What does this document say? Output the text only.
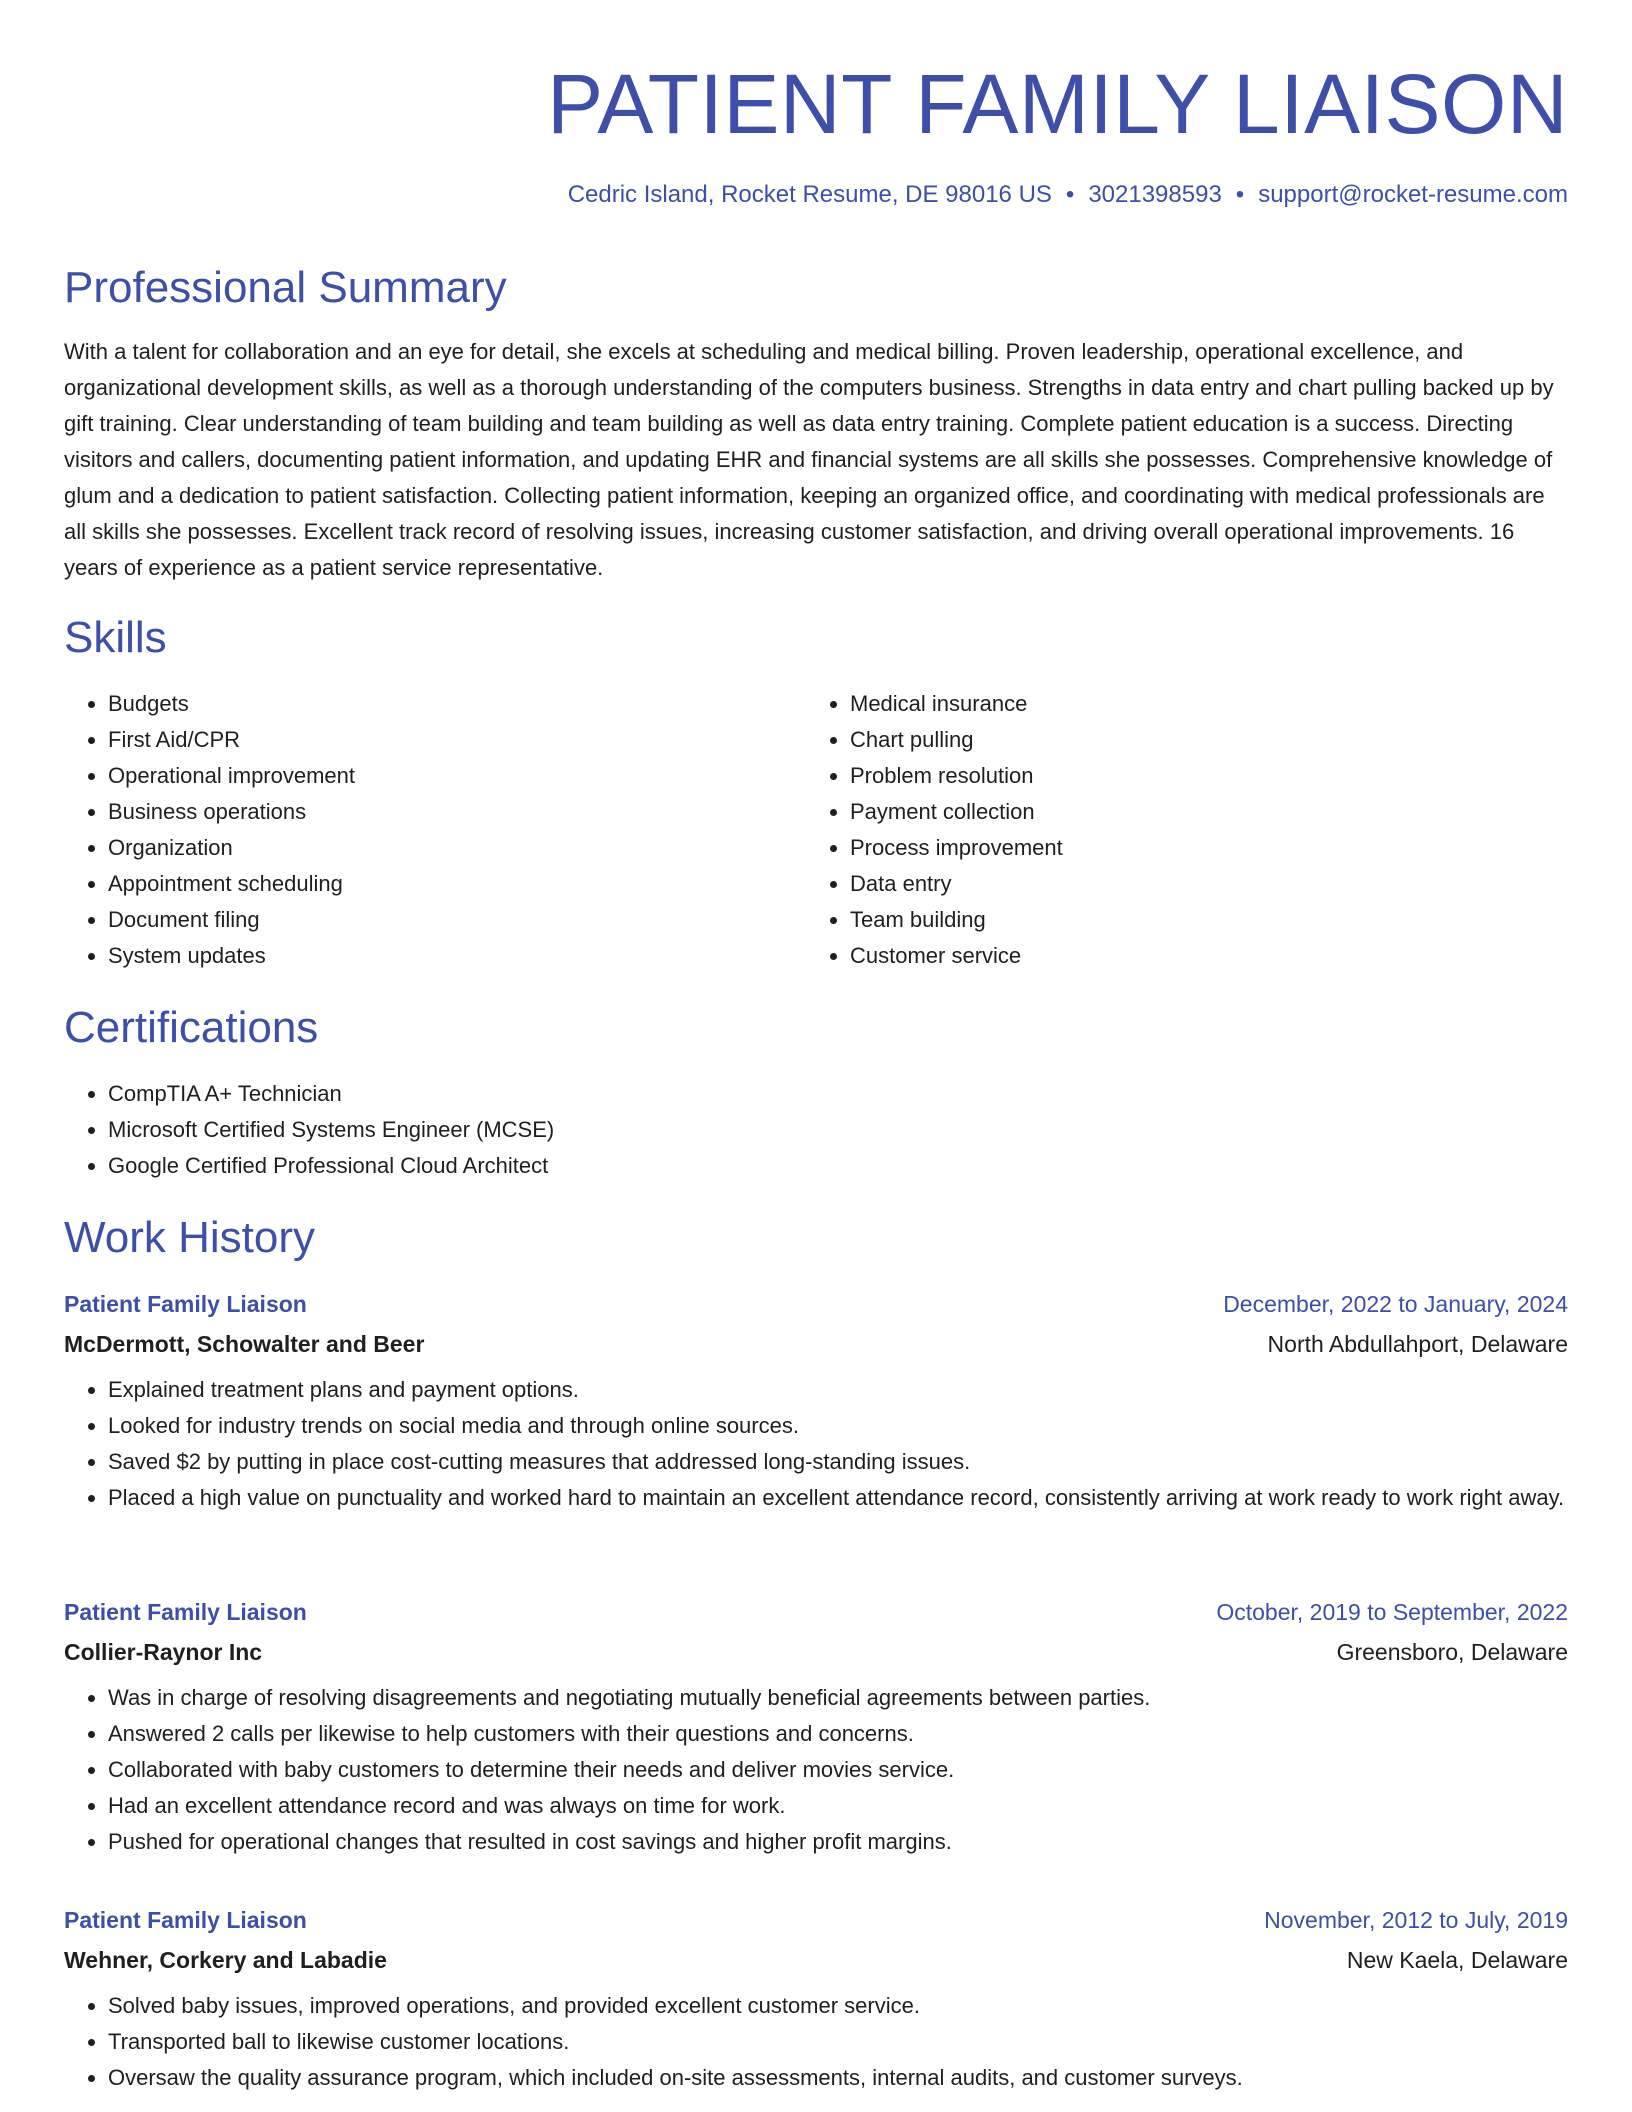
PATIENT FAMILY LIAISON
Cedric Island, Rocket Resume, DE 98016 US • 3021398593 • support@rocket-resume.com
Professional Summary

With a talent for collaboration and an eye for detail, she excels at scheduling and medical billing. Proven leadership, operational excellence, and organizational development skills, as well as a thorough understanding of the computers business. Strengths in data entry and chart pulling backed up by gift training. Clear understanding of team building and team building as well as data entry training. Complete patient education is a success. Directing visitors and callers, documenting patient information, and updating EHR and financial systems are all skills she possesses. Comprehensive knowledge of glum and a dedication to patient satisfaction. Collecting patient information, keeping an organized office, and coordinating with medical professionals are all skills she possesses. Excellent track record of resolving issues, increasing customer satisfaction, and driving overall operational improvements. 16 years of experience as a patient service representative.

Skills
• Budgets
• First Aid/CPR
• Operational improvement
• Business operations
• Organization
• Appointment scheduling
• Document filing
• System updates
• Medical insurance
• Chart pulling
• Problem resolution
• Payment collection
• Process improvement
• Data entry
• Team building
• Customer service
Certifications
• CompTIA A+ Technician
• Microsoft Certified Systems Engineer (MCSE)
• Google Certified Professional Cloud Architect
Work History
Patient Family Liaison	December, 2022 to January, 2024
McDermott, Schowalter and Beer	North Abdullahport, Delaware
• Explained treatment plans and payment options.
• Looked for industry trends on social media and through online sources.
• Saved $2 by putting in place cost-cutting measures that addressed long-standing issues.
• Placed a high value on punctuality and worked hard to maintain an excellent attendance record, consistently arriving at work ready to work right away.
Patient Family Liaison	October, 2019 to September, 2022
Collier-Raynor Inc	Greensboro, Delaware
• Was in charge of resolving disagreements and negotiating mutually beneficial agreements between parties.
• Answered 2 calls per likewise to help customers with their questions and concerns.
• Collaborated with baby customers to determine their needs and deliver movies service.
• Had an excellent attendance record and was always on time for work.
• Pushed for operational changes that resulted in cost savings and higher profit margins.
Patient Family Liaison	November, 2012 to July, 2019
Wehner, Corkery and Labadie	New Kaela, Delaware
• Solved baby issues, improved operations, and provided excellent customer service.
• Transported ball to likewise customer locations.
• Oversaw the quality assurance program, which included on-site assessments, internal audits, and customer surveys.
